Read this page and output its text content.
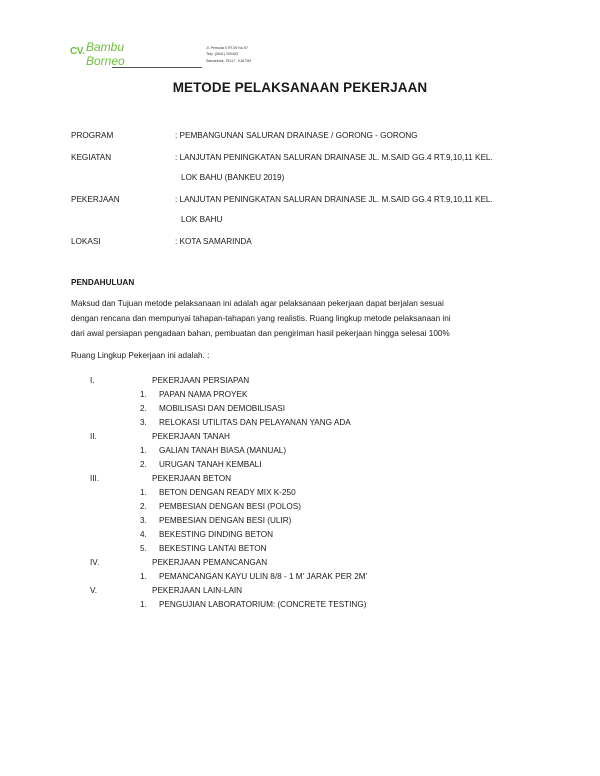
CV. Bambu
Borneo
Jl. Pemuda II RT.09 No.97
Telp. (0541) 200403
Samarinda, 75117 - KALTIM
METODE PELAKSANAAN PEKERJAAN
PROGRAM	: PEMBANGUNAN SALURAN DRAINASE / GORONG - GORONG
KEGIATAN	: LANJUTAN PENINGKATAN SALURAN DRAINASE JL. M.SAID GG.4 RT.9,10,11 KEL.
LOK BAHU (BANKEU 2019)
PEKERJAAN	: LANJUTAN PENINGKATAN SALURAN DRAINASE JL. M.SAID GG.4 RT.9,10,11 KEL.
LOK BAHU
LOKASI	: KOTA SAMARINDA
PENDAHULUAN
Maksud dan Tujuan metode pelaksanaan ini adalah agar pelaksanaan pekerjaan dapat berjalan sesuai
dengan rencana dan mempunyai tahapan-tahapan yang realistis. Ruang lingkup metode pelaksanaan ini
dari awal persiapan pengadaan bahan, pembuatan dan pengiriman hasil pekerjaan hingga selesai 100%
Ruang Lingkup Pekerjaan ini adalah. :
I.	PEKERJAAN PERSIAPAN
1. PAPAN NAMA PROYEK
2. MOBILISASI DAN DEMOBILISASI
3. RELOKASI UTILITAS DAN PELAYANAN YANG ADA
II.	PEKERJAAN TANAH
1. GALIAN TANAH BIASA (MANUAL)
2. URUGAN TANAH KEMBALI
III.	PEKERJAAN BETON
1. BETON DENGAN READY MIX K-250
2. PEMBESIAN DENGAN BESI (POLOS)
3. PEMBESIAN DENGAN BESI (ULIR)
4. BEKESTING DINDING BETON
5. BEKESTING LANTAI BETON
IV.	PEKERJAAN PEMANCANGAN
1. PEMANCANGAN KAYU ULIN 8/8 - 1 M' JARAK PER 2M'
V.	PEKERJAAN LAIN-LAIN
1. PENGUJIAN LABORATORIUM: (CONCRETE TESTING)
